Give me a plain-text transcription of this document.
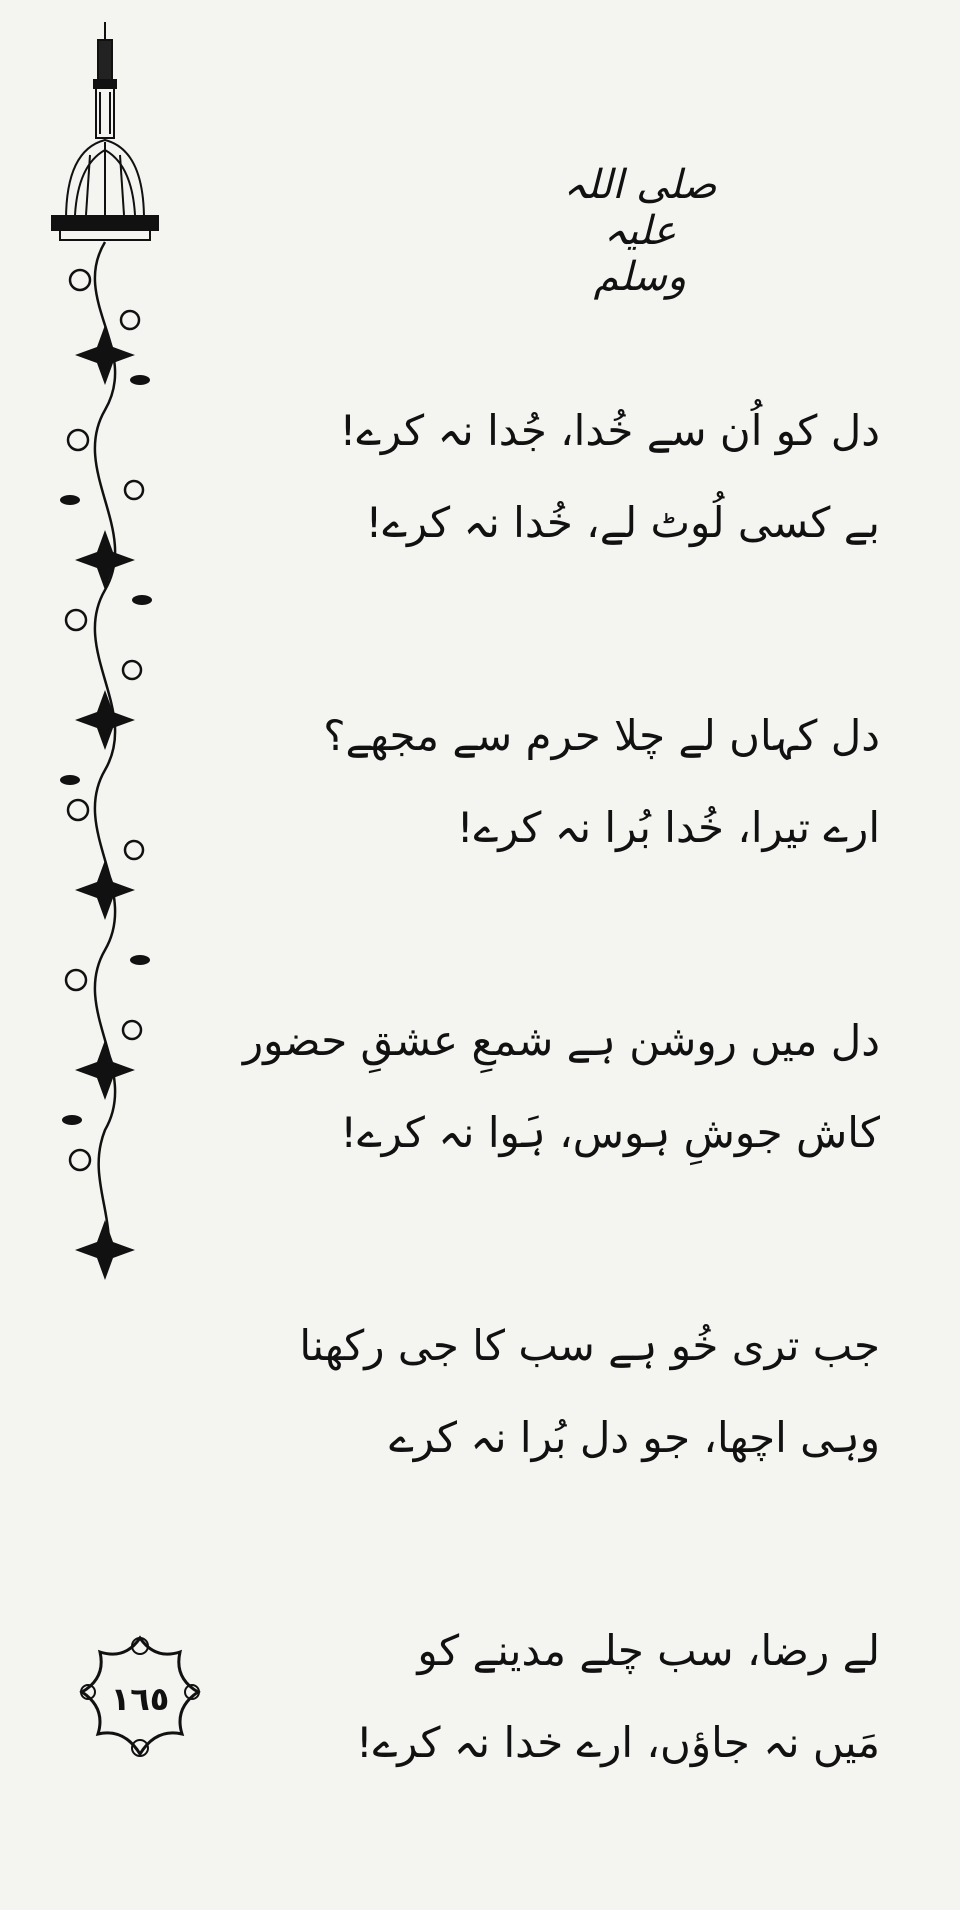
صلی اللہ علیہ وسلم

دل کو اُن سے خُدا، جُدا نہ کرے!

بے کسی لُوٹ لے، خُدا نہ کرے!

دل کہاں لے چلا حرم سے مجھے؟

ارے تیرا، خُدا بُرا نہ کرے!

دل میں روشن ہے شمعِ عشقِ حضور

کاش جوشِ ہوس، ہَوا نہ کرے!

جب تری خُو ہے سب کا جی رکھنا

وہی اچھا، جو دل بُرا نہ کرے

لے رضا، سب چلے مدینے کو

مَیں نہ جاؤں، ارے خدا نہ کرے!

١٦٥
